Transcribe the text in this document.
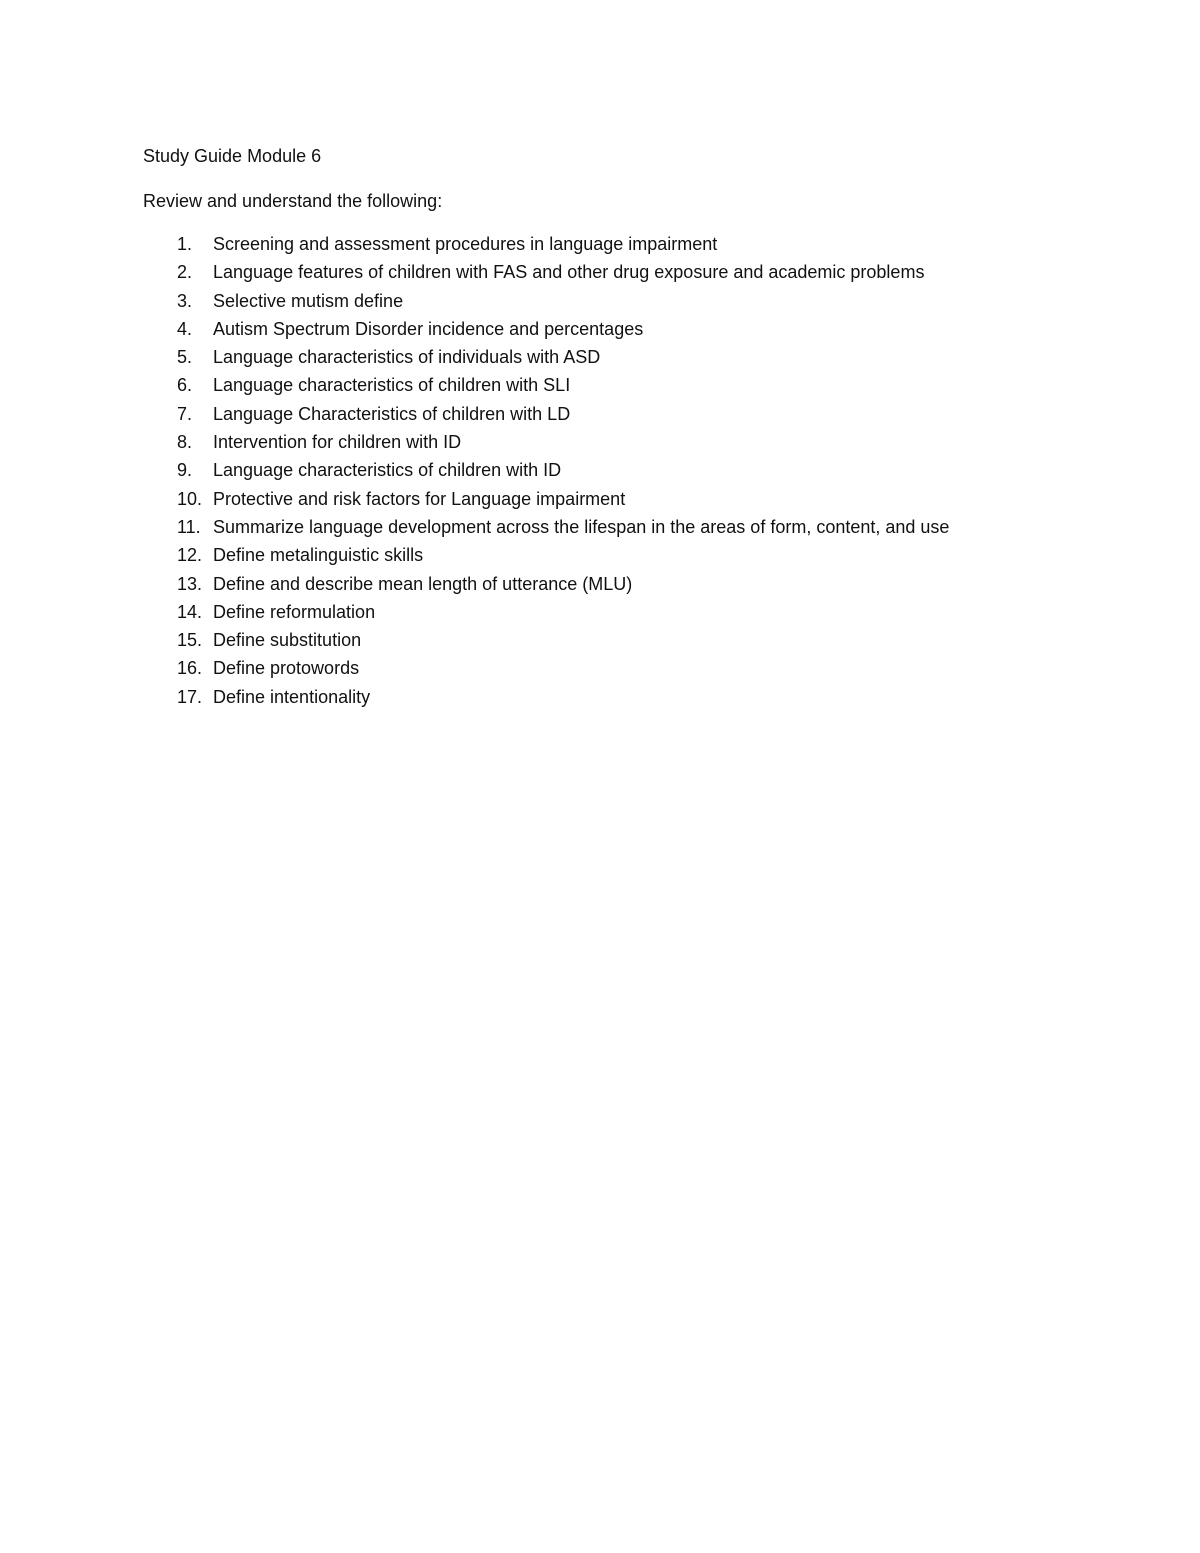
Study Guide Module 6
Review and understand the following:
1.	Screening and assessment procedures in language impairment
2.	Language features of children with FAS and other drug exposure and academic problems
3.	Selective mutism define
4.	Autism Spectrum Disorder incidence and percentages
5.	Language characteristics of individuals with ASD
6.	Language characteristics of children with SLI
7.	Language Characteristics of children with LD
8.	Intervention for children with ID
9.	Language characteristics of children with ID
10. Protective and risk factors for Language impairment
11. Summarize language development across the lifespan in the areas of form, content, and use
12. Define metalinguistic skills
13. Define and describe mean length of utterance (MLU)
14. Define reformulation
15. Define substitution
16. Define protowords
17. Define intentionality
